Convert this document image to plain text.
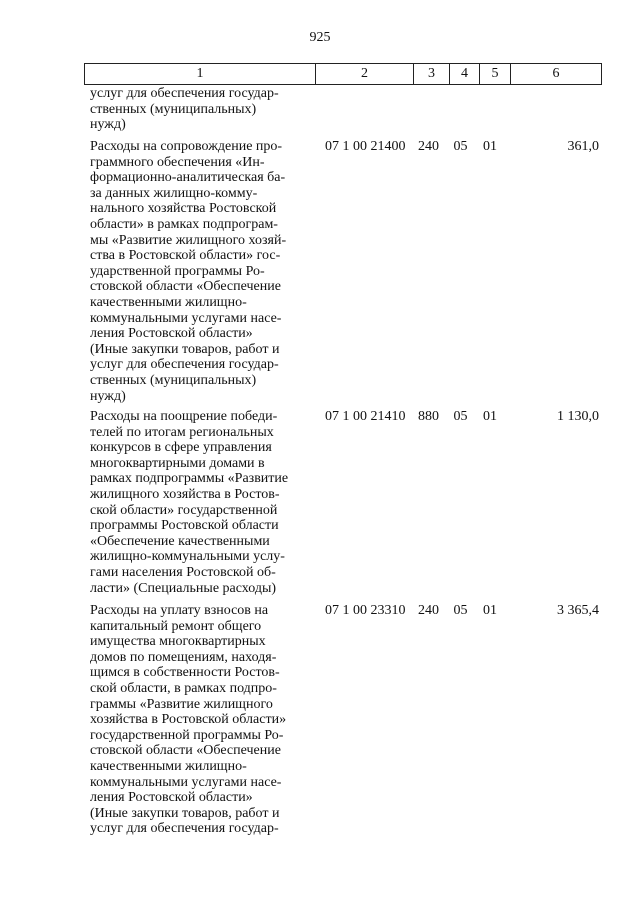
925
1	2	3	4	5	6
услуг для обеспечения государ-
ственных (муниципальных)
нужд)
Расходы на сопровождение про-
граммного обеспечения «Ин-
формационно-аналитическая ба-
за данных жилищно-комму-
нального хозяйства Ростовской
области» в рамках подпрограм-
мы «Развитие жилищного хозяй-
ства в Ростовской области» гос-
ударственной программы Ро-
стовской области «Обеспечение
качественными жилищно-
коммунальными услугами насе-
ления Ростовской области»
(Иные закупки товаров, работ и
услуг для обеспечения государ-
ственных (муниципальных)
нужд)
07 1 00 21400 240	05	01	361,0
Расходы на поощрение победи-
телей по итогам региональных
конкурсов в сфере управления
многоквартирными домами в
рамках подпрограммы «Развитие
жилищного хозяйства в Ростов-
ской области» государственной
программы Ростовской области
«Обеспечение качественными
жилищно-коммунальными услу-
гами населения Ростовской об-
ласти» (Специальные расходы)
07 1 00 21410 880	05	01	1 130,0
Расходы на уплату взносов на
капитальный ремонт общего
имущества многоквартирных
домов по помещениям, находя-
щимся в собственности Ростов-
ской области, в рамках подпро-
граммы «Развитие жилищного
хозяйства в Ростовской области»
государственной программы Ро-
стовской области «Обеспечение
качественными жилищно-
коммунальными услугами насе-
ления Ростовской области»
(Иные закупки товаров, работ и
услуг для обеспечения государ-
07 1 00 23310 240	05	01	3 365,4
